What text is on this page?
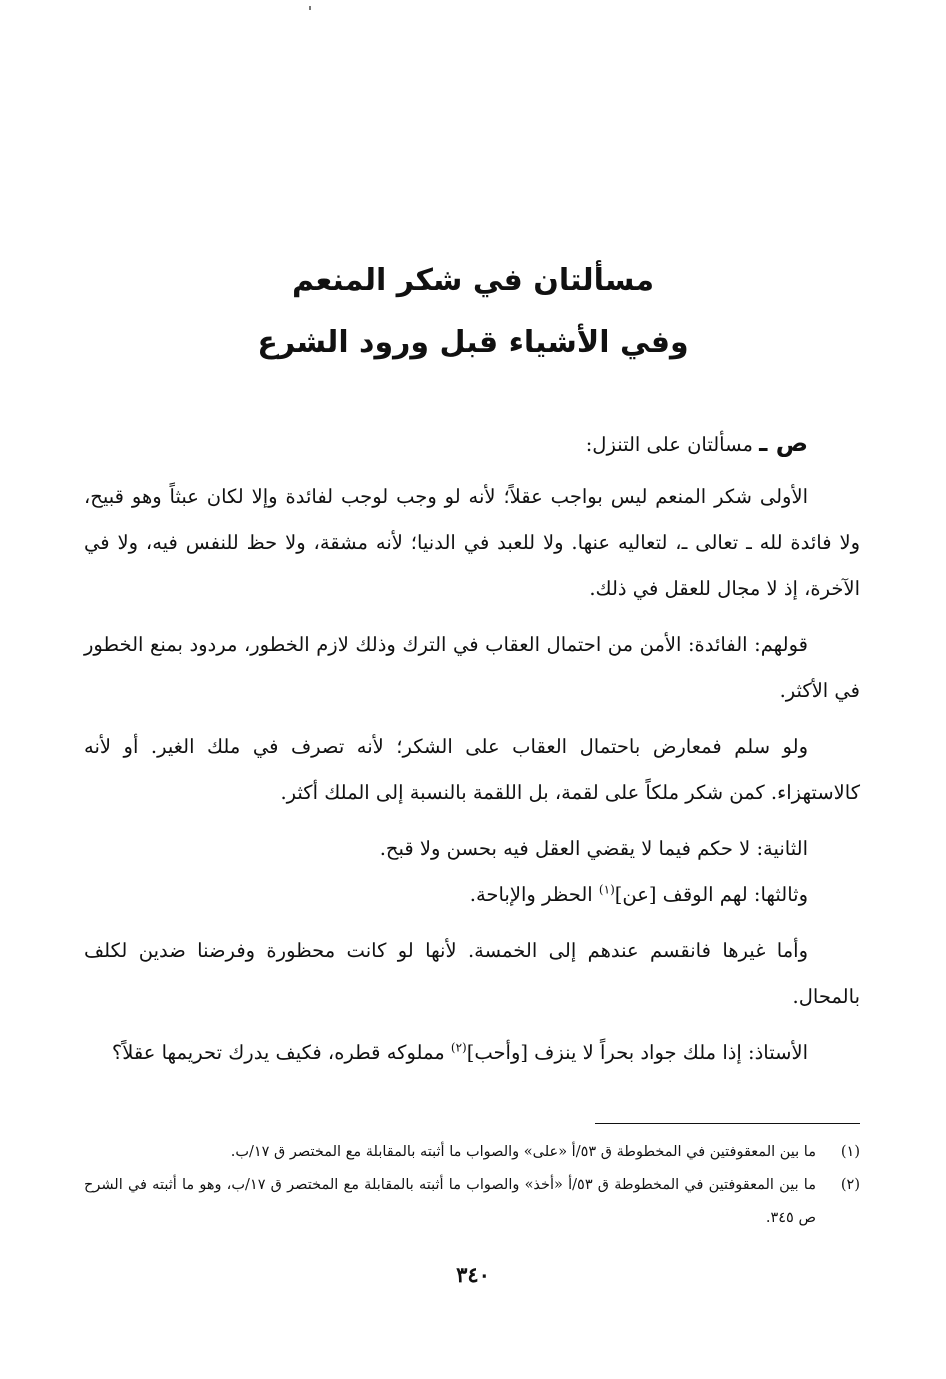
مسألتان في شكر المنعم
وفي الأشياء قبل ورود الشرع

ص ـ مسألتان على التنزل:

الأولى شكر المنعم ليس بواجب عقلاً؛ لأنه لو وجب لوجب لفائدة وإلا لكان عبثاً وهو قبيح، ولا فائدة لله ـ تعالى ـ، لتعاليه عنها. ولا للعبد في الدنيا؛ لأنه مشقة، ولا حظ للنفس فيه، ولا في الآخرة، إذ لا مجال للعقل في ذلك.

قولهم: الفائدة: الأمن من احتمال العقاب في الترك وذلك لازم الخطور، مردود بمنع الخطور في الأكثر.

ولو سلم فمعارض باحتمال العقاب على الشكر؛ لأنه تصرف في ملك الغير. أو لأنه كالاستهزاء. كمن شكر ملكاً على لقمة، بل اللقمة بالنسبة إلى الملك أكثر.

الثانية: لا حكم فيما لا يقضي العقل فيه بحسن ولا قبح.

وثالثها: لهم الوقف [عن]$^{(١)}$ الحظر والإباحة.

وأما غيرها فانقسم عندهم إلى الخمسة. لأنها لو كانت محظورة وفرضنا ضدين لكلف بالمحال.

الأستاذ: إذا ملك جواد بحراً لا ينزف [وأحب]$^{(٢)}$ مملوكه قطره، فكيف يدرك تحريمها عقلاً؟

(١)
ما بين المعقوفتين في المخطوطة ق ٥٣/أ «على» والصواب ما أثبته بالمقابلة مع المختصر ق ١٧/ب.
(٢)
ما بين المعقوفتين في المخطوطة ق ٥٣/أ «أخذ» والصواب ما أثبته بالمقابلة مع المختصر ق ١٧/ب، وهو ما أثبته في الشرح ص ٣٤٥.
٣٤٠
